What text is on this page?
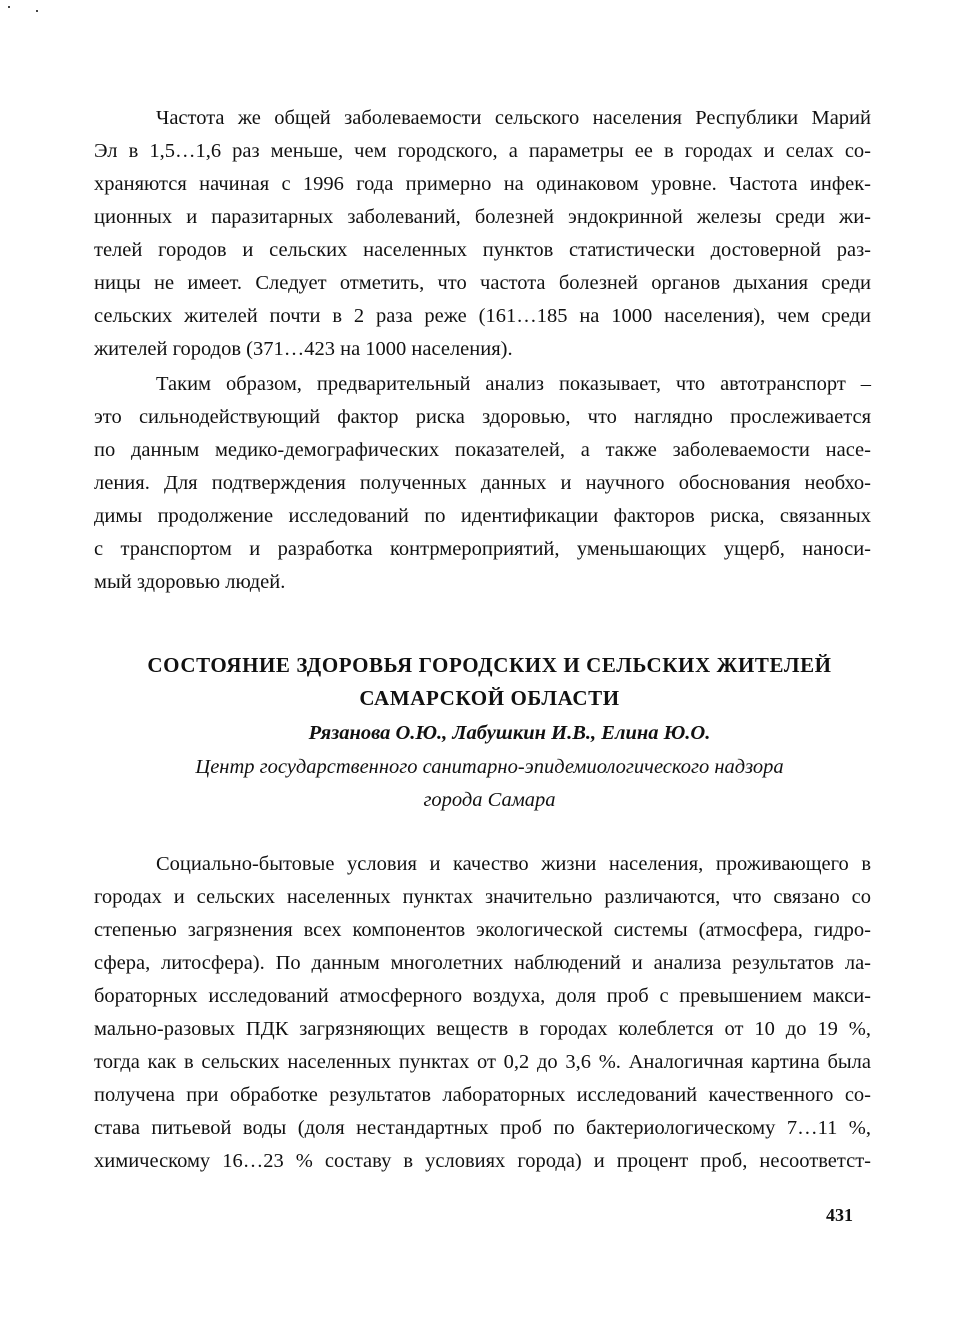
Частота же общей заболеваемости сельского населения Республики Марий
Эл в 1,5…1,6 раз меньше, чем городского, а параметры ее в городах и селах со-
храняются начиная с 1996 года примерно на одинаковом уровне. Частота инфек-
ционных и паразитарных заболеваний, болезней эндокринной железы среди жи-
телей городов и сельских населенных пунктов статистически достоверной раз-
ницы не имеет. Следует отметить, что частота болезней органов дыхания среди
сельских жителей почти в 2 раза реже (161…185 на 1000 населения), чем среди
жителей городов (371…423 на 1000 населения).
Таким образом, предварительный анализ показывает, что автотранспорт –
это сильнодействующий фактор риска здоровью, что наглядно прослеживается
по данным медико-демографических показателей, а также заболеваемости насе-
ления. Для подтверждения полученных данных и научного обоснования необхо-
димы продолжение исследований по идентификации факторов риска, связанных
с транспортом и разработка контрмероприятий, уменьшающих ущерб, наноси-
мый здоровью людей.
СОСТОЯНИЕ ЗДОРОВЬЯ ГОРОДСКИХ И СЕЛЬСКИХ ЖИТЕЛЕЙ
САМАРСКОЙ ОБЛАСТИ
Рязанова О.Ю., Лабушкин И.В., Елина Ю.О.
Центр государственного санитарно-эпидемиологического надзора
города Самара
Социально-бытовые условия и качество жизни населения, проживающего в
городах и сельских населенных пунктах значительно различаются, что связано со
степенью загрязнения всех компонентов экологической системы (атмосфера, гидро-
сфера, литосфера). По данным многолетних наблюдений и анализа результатов ла-
бораторных исследований атмосферного воздуха, доля проб с превышением макси-
мально-разовых ПДК загрязняющих веществ в городах колеблется от 10 до 19 %,
тогда как в сельских населенных пунктах от 0,2 до 3,6 %. Аналогичная картина была
получена при обработке результатов лабораторных исследований качественного со-
става питьевой воды (доля нестандартных проб по бактериологическому 7…11 %,
химическому 16…23 % составу в условиях города) и процент проб, несоответст-
431
